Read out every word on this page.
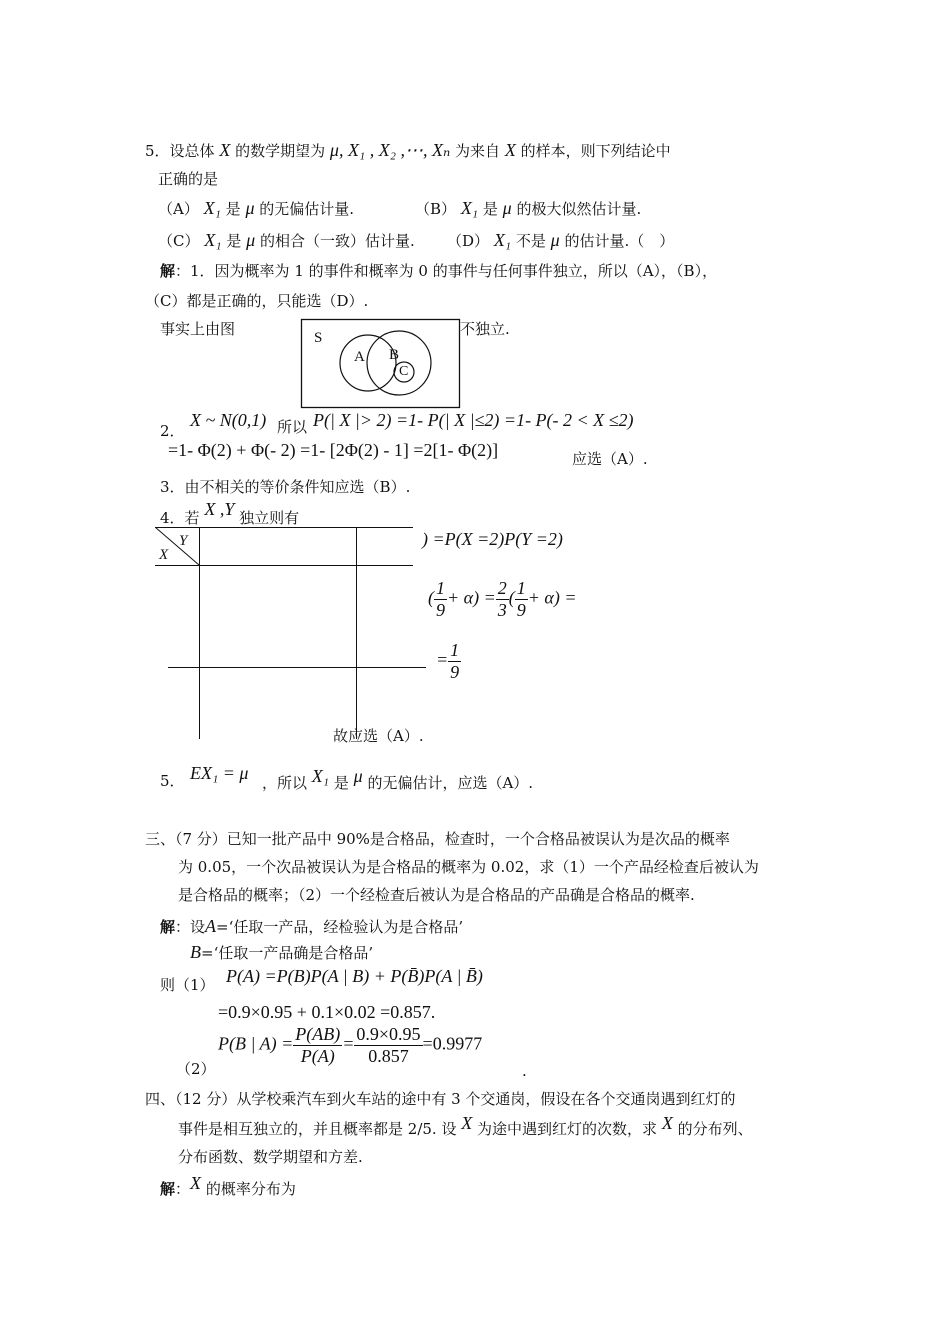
5．设总体 X 的数学期望为 μ, X₁ , X₂ ,⋯, Xₙ 为来自 X 的样本，则下列结论中
正确的是
（A） X₁ 是 μ 的无偏估计量.	（B） X₁ 是 μ 的极大似然估计量.
（C） X₁ 是 μ 的相合（一致）估计量. （D） X₁ 不是 μ 的估计量.（　）
解：1．因为概率为 1 的事件和概率为 0 的事件与任何事件独立，所以（A），（B），
（C）都是正确的，只能选（D）.
事实上由图	不独立.
S
A B
C
2．
X ~ N(0,1) 所以 P(| X |> 2) =1- P(| X |≤2) =1- P(- 2 < X ≤2)
=1- Φ(2) + Φ(- 2) =1- [2Φ(2) - 1] =2[1- Φ(2)]	应选（A）.
3．由不相关的等价条件知应选（B）.
4．若 X ,Y 独立则有
Y
X
) =P(X =2)P(Y =2)
( $\frac{1}{9} + \alpha) = \frac{2}{3}$ ( $\frac{1}{9} + \alpha$) =
= $\frac{1}{9}$
故应选（A）.
5． EX₁ = μ ，所以 X₁ 是 μ 的无偏估计，应选（A）.
三、（7 分）已知一批产品中 90%是合格品，检查时，一个合格品被误认为是次品的概率
为 0.05，一个次品被误认为是合格品的概率为 0.02，求（1）一个产品经检查后被认为
是合格品的概率；（2）一个经检查后被认为是合格品的产品确是合格品的概率.
解：设A=‘任取一产品，经检验认为是合格品’
B=‘任取一产品确是合格品’
则（1） P(A) =P(B)P(A | B) + P(B̄)P(A | B̄)
=0.9×0.95 + 0.1×0.02 =0.857.
（2）
P(B | $A) = \frac{P(AB)}{P(A)} = \frac{0.9\times 0.95}{0.857} =0.9977$
.
四、（12 分）从学校乘汽车到火车站的途中有 3 个交通岗，假设在各个交通岗遇到红灯的
事件是相互独立的，并且概率都是 2/5. 设 X 为途中遇到红灯的次数，求 X 的分布列、
分布函数、数学期望和方差.
解：X 的概率分布为
